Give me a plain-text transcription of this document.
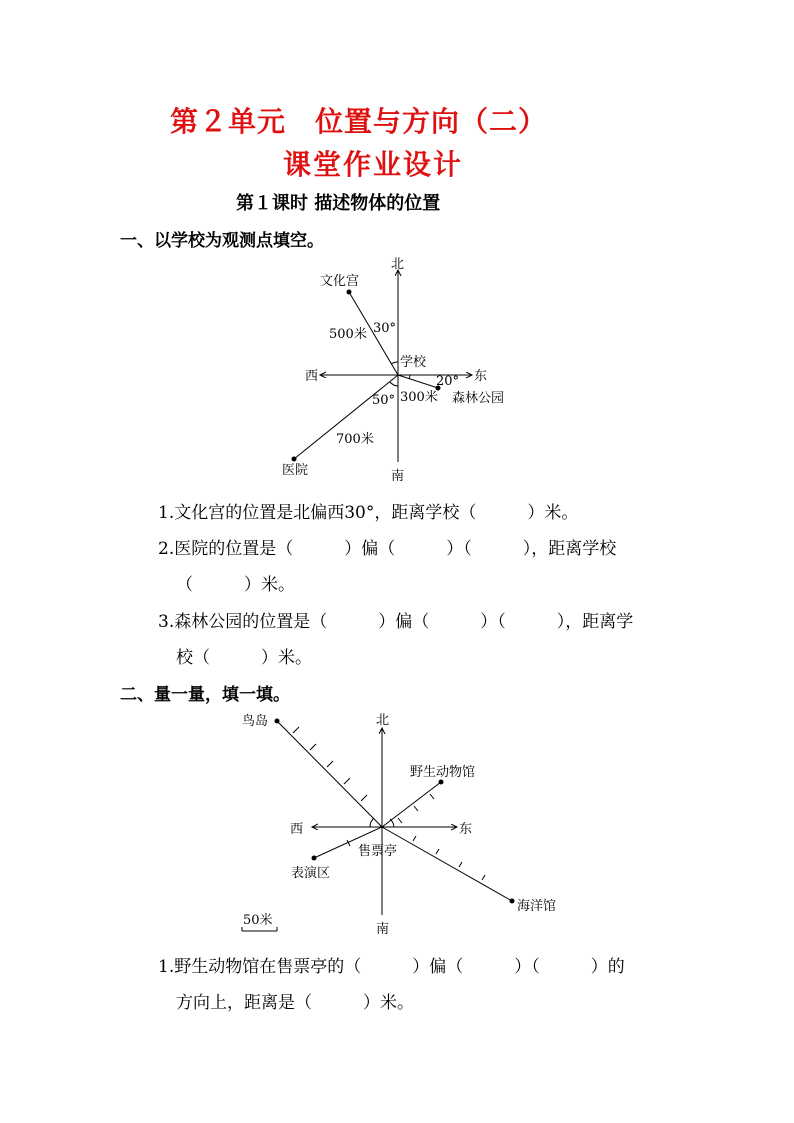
第２单元　位置与方向（二）
课堂作业设计
第１课时 描述物体的位置
一、以学校为观测点填空。
北
南
西	东
学校
文化宫
500米 30°
森林公园
300米
20°
医院
700米
50°
1.文化宫的位置是北偏西30°，距离学校（　　　）米。
2.医院的位置是（　　　）偏（　　　）（　　　），距离学校
（　　　）米。
3.森林公园的位置是（　　　）偏（　　　）（　　　），距离学
校（　　　）米。
二、量一量，填一填。
北
南
西	东
售票亭
鸟岛
野生动物馆
表演区
海洋馆
50米
1.野生动物馆在售票亭的（　　　）偏（　　　）（　　　）的
方向上，距离是（　　　）米。
